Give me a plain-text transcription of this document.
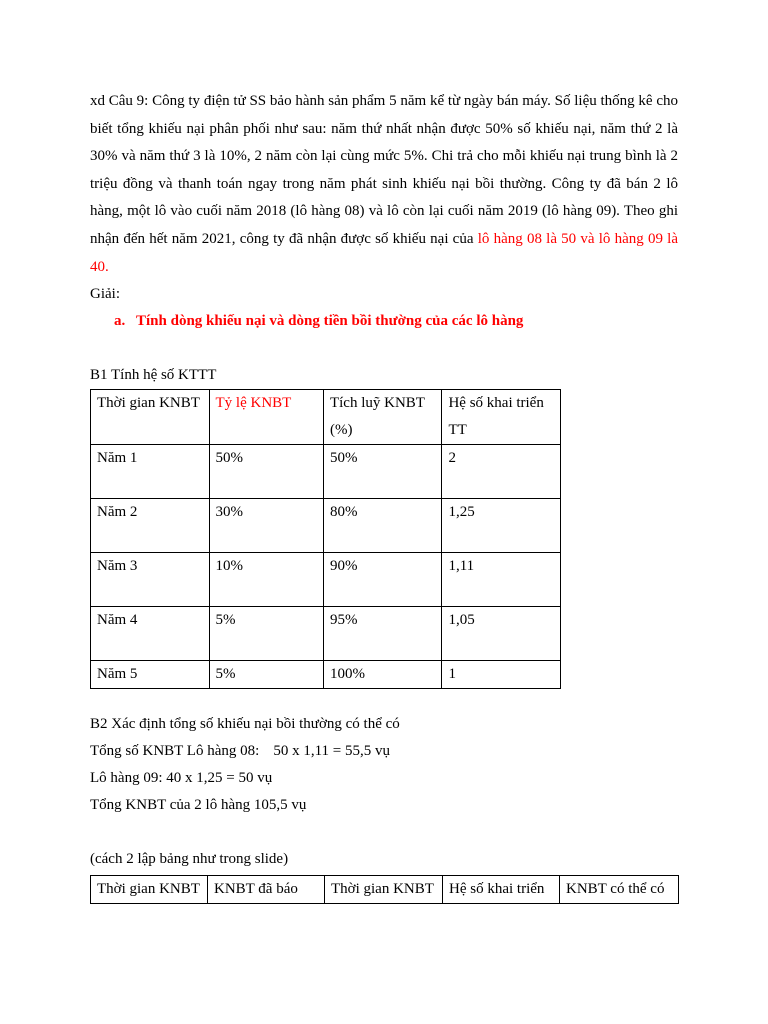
xd Câu 9: Công ty điện tử SS bảo hành sản phẩm 5 năm kể từ ngày bán máy. Số liệu thống kê cho biết tổng khiếu nại phân phối như sau: năm thứ nhất nhận được 50% số khiếu nại, năm thứ 2 là 30% và năm thứ 3 là 10%, 2 năm còn lại cùng mức 5%. Chi trả cho mỗi khiếu nại trung bình là 2 triệu đồng và thanh toán ngay trong năm phát sinh khiếu nại bồi thường. Công ty đã bán 2 lô hàng, một lô vào cuối năm 2018 (lô hàng 08) và lô còn lại cuối năm 2019 (lô hàng 09). Theo ghi nhận đến hết năm 2021, công ty đã nhận được số khiếu nại của lô hàng 08 là 50 và lô hàng 09 là 40.

Giải:

a. Tính dòng khiếu nại và dòng tiền bồi thường của các lô hàng

B1 Tính hệ số KTTT

Thời gian KNBT	Tỷ lệ KNBT	Tích luỹ KNBT (%)	Hệ số khai triển TT
Năm 1	50%	50%	2
Năm 2	30%	80%	1,25
Năm 3	10%	90%	1,11
Năm 4	5%	95%	1,05
Năm 5	5%	100%	1

B2 Xác định tổng số khiếu nại bồi thường có thể có

Tổng số KNBT Lô hàng 08: 50 x 1,11 = 55,5 vụ

Lô hàng 09: 40 x 1,25 = 50 vụ

Tổng KNBT của 2 lô hàng 105,5 vụ

(cách 2 lập bảng như trong slide)

Thời gian KNBT	KNBT đã báo	Thời gian KNBT	Hệ số khai triển	KNBT có thể có
